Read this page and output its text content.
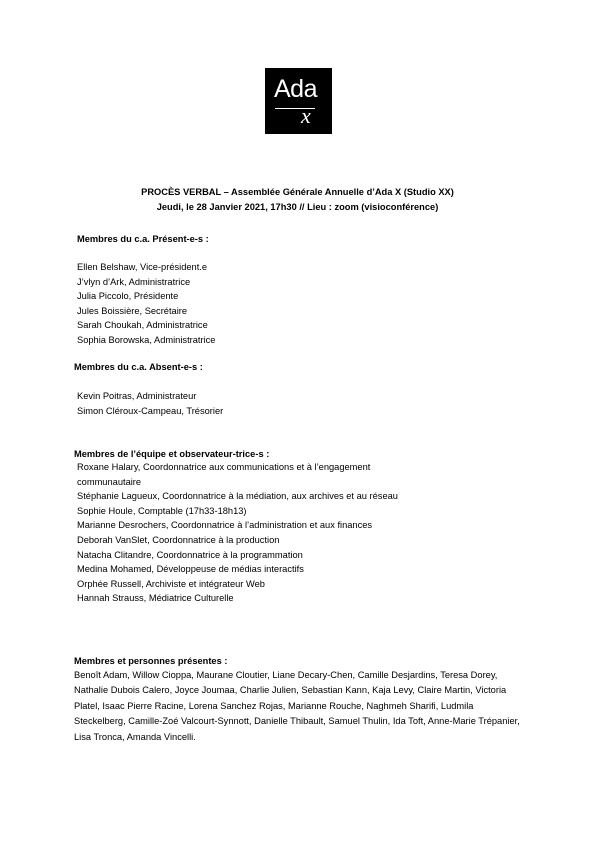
Ada
x
PROCÈS VERBAL – Assemblée Générale Annuelle d’Ada X (Studio XX)
Jeudi, le 28 Janvier 2021, 17h30 // Lieu : zoom (visioconférence)
Membres du c.a. Présent-e-s :
Ellen Belshaw, Vice-président.e
J’vlyn d’Ark, Administratrice
Julia Piccolo, Présidente
Jules Boissière, Secrétaire
Sarah Choukah, Administratrice
Sophia Borowska, Administratrice
Membres du c.a. Absent-e-s :
Kevin Poitras, Administrateur
Simon Cléroux-Campeau, Trésorier
Membres de l’équipe et observateur-trice-s :
Roxane Halary, Coordonnatrice aux communications et à l’engagement communautaire
Stéphanie Lagueux, Coordonnatrice à la médiation, aux archives et au réseau
Sophie Houle, Comptable (17h33-18h13)
Marianne Desrochers, Coordonnatrice à l’administration et aux finances
Deborah VanSlet, Coordonnatrice à la production
Natacha Clitandre, Coordonnatrice à la programmation
Medina Mohamed, Développeuse de médias interactifs
Orphée Russell, Archiviste et intégrateur Web
Hannah Strauss, Médiatrice Culturelle
Membres et personnes présentes :

Benoît Adam, Willow Cioppa, Maurane Cloutier, Liane Decary-Chen, Camille Desjardins, Teresa Dorey, Nathalie Dubois Calero, Joyce Joumaa, Charlie Julien, Sebastian Kann, Kaja Levy, Claire Martin, Victoria Platel, Isaac Pierre Racine, Lorena Sanchez Rojas, Marianne Rouche, Naghmeh Sharifi, Ludmila Steckelberg, Camille-Zoé Valcourt-Synnott, Danielle Thibault, Samuel Thulin, Ida Toft, Anne-Marie Trépanier, Lisa Tronca, Amanda Vincelli.
